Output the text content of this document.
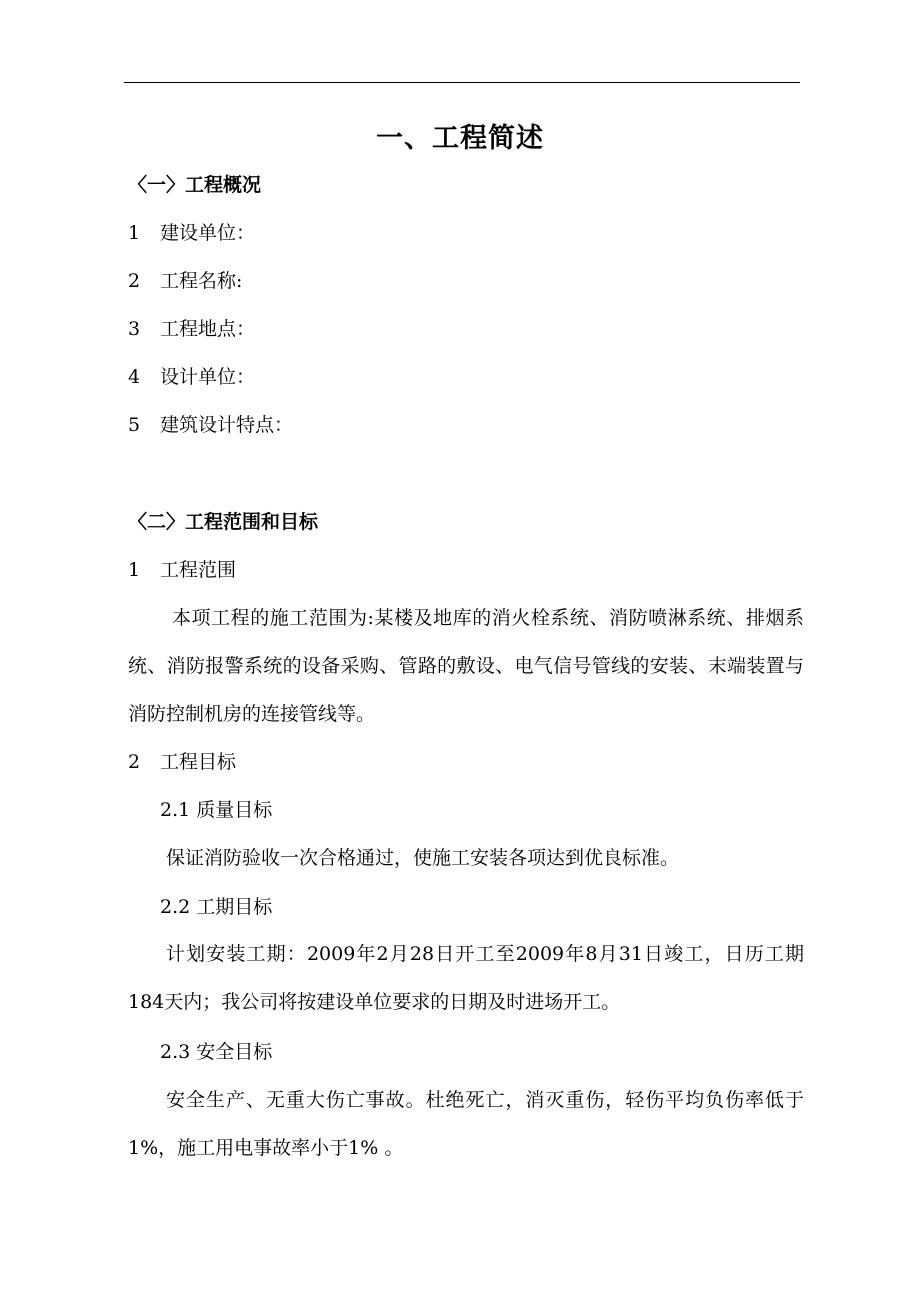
一、工程简述
〈一〉工程概况
1 建设单位：
2 工程名称:
3 工程地点：
4 设计单位：
5 建筑设计特点：
〈二〉工程范围和目标
1 工程范围
本项工程的施工范围为:某楼及地库的消火栓系统、消防喷淋系统、排烟系统、消防报警系统的设备采购、管路的敷设、电气信号管线的安装、末端装置与消防控制机房的连接管线等。
2 工程目标
2.1 质量目标
保证消防验收一次合格通过，使施工安装各项达到优良标准。
2.2 工期目标
计划安装工期：2009年2月28日开工至2009年8月31日竣工，日历工期184天内；我公司将按建设单位要求的日期及时进场开工。
2.3 安全目标
安全生产、无重大伤亡事故。杜绝死亡，消灭重伤，轻伤平均负伤率低于1%，施工用电事故率小于1% 。
